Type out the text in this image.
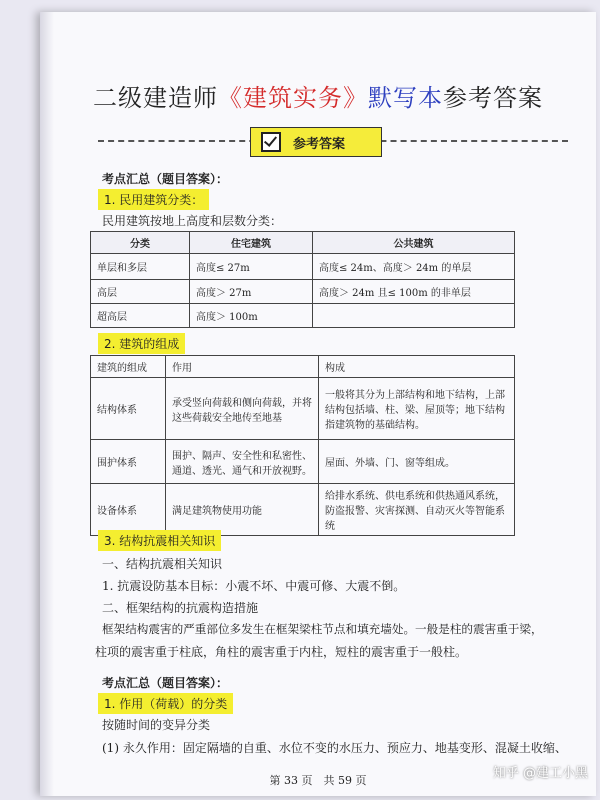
二级建造师《建筑实务》默写本参考答案
参考答案
考点汇总（题目答案）：
1. 民用建筑分类：
民用建筑按地上高度和层数分类：
分类	住宅建筑	公共建筑
单层和多层	高度≤ 27m	高度≤ 24m、高度＞ 24m 的单层
高层	高度＞ 27m	高度＞ 24m 且≤ 100m 的非单层
超高层	高度＞ 100m	
2. 建筑的组成
建筑的组成	作用	构成
结构体系	承受竖向荷载和侧向荷载，并将这些荷载安全地传至地基	一般将其分为上部结构和地下结构，上部结构包括墙、柱、梁、屋顶等；地下结构指建筑物的基础结构。
围护体系	围护、隔声、安全性和私密性、通道、透光、通气和开放视野。	屋面、外墙、门、窗等组成。
设备体系	满足建筑物使用功能	给排水系统、供电系统和供热通风系统，防盗报警、灾害探测、自动灭火等智能系统
3. 结构抗震相关知识
一、结构抗震相关知识
1. 抗震设防基本目标：小震不坏、中震可修、大震不倒。
二、框架结构的抗震构造措施
框架结构震害的严重部位多发生在框架梁柱节点和填充墙处。一般是柱的震害重于梁，
柱项的震害重于柱底，角柱的震害重于内柱，短柱的震害重于一般柱。
考点汇总（题目答案）：
1. 作用（荷载）的分类
按随时间的变异分类
(1) 永久作用：固定隔墙的自重、水位不变的水压力、预应力、地基变形、混凝土收缩、
第 33 页　共 59 页	知乎 @建工小黑
